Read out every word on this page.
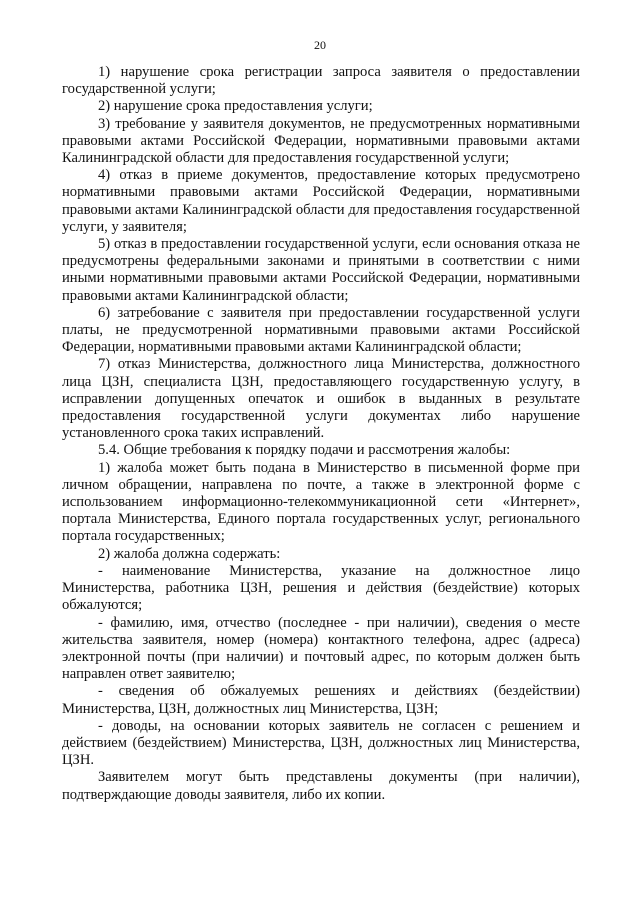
20

1) нарушение срока регистрации запроса заявителя о предоставлении государственной услуги;

2) нарушение срока предоставления услуги;

3) требование у заявителя документов, не предусмотренных нормативными правовыми актами Российской Федерации, нормативными правовыми актами Калининградской области для предоставления государственной услуги;

4) отказ в приеме документов, предоставление которых предусмотрено нормативными правовыми актами Российской Федерации, нормативными правовыми актами Калининградской области для предоставления государственной услуги, у заявителя;

5) отказ в предоставлении государственной услуги, если основания отказа не предусмотрены федеральными законами и принятыми в соответствии с ними иными нормативными правовыми актами Российской Федерации, нормативными правовыми актами Калининградской области;

6) затребование с заявителя при предоставлении государственной услуги платы, не предусмотренной нормативными правовыми актами Российской Федерации, нормативными правовыми актами Калининградской области;

7) отказ Министерства, должностного лица Министерства, должностного лица ЦЗН, специалиста ЦЗН, предоставляющего государственную услугу, в исправлении допущенных опечаток и ошибок в выданных в результате предоставления государственной услуги документах либо нарушение установленного срока таких исправлений.

5.4. Общие требования к порядку подачи и рассмотрения жалобы:

1) жалоба может быть подана в Министерство в письменной форме при личном обращении, направлена по почте, а также в электронной форме с использованием информационно-телекоммуникационной сети «Интернет», портала Министерства, Единого портала государственных услуг, регионального портала государственных;

2) жалоба должна содержать:

- наименование Министерства, указание на должностное лицо Министерства, работника ЦЗН, решения и действия (бездействие) которых обжалуются;

- фамилию, имя, отчество (последнее - при наличии), сведения о месте жительства заявителя, номер (номера) контактного телефона, адрес (адреса) электронной почты (при наличии) и почтовый адрес, по которым должен быть направлен ответ заявителю;

- сведения об обжалуемых решениях и действиях (бездействии) Министерства, ЦЗН, должностных лиц Министерства, ЦЗН;

- доводы, на основании которых заявитель не согласен с решением и действием (бездействием) Министерства, ЦЗН, должностных лиц Министерства, ЦЗН.

Заявителем могут быть представлены документы (при наличии), подтверждающие доводы заявителя, либо их копии.
